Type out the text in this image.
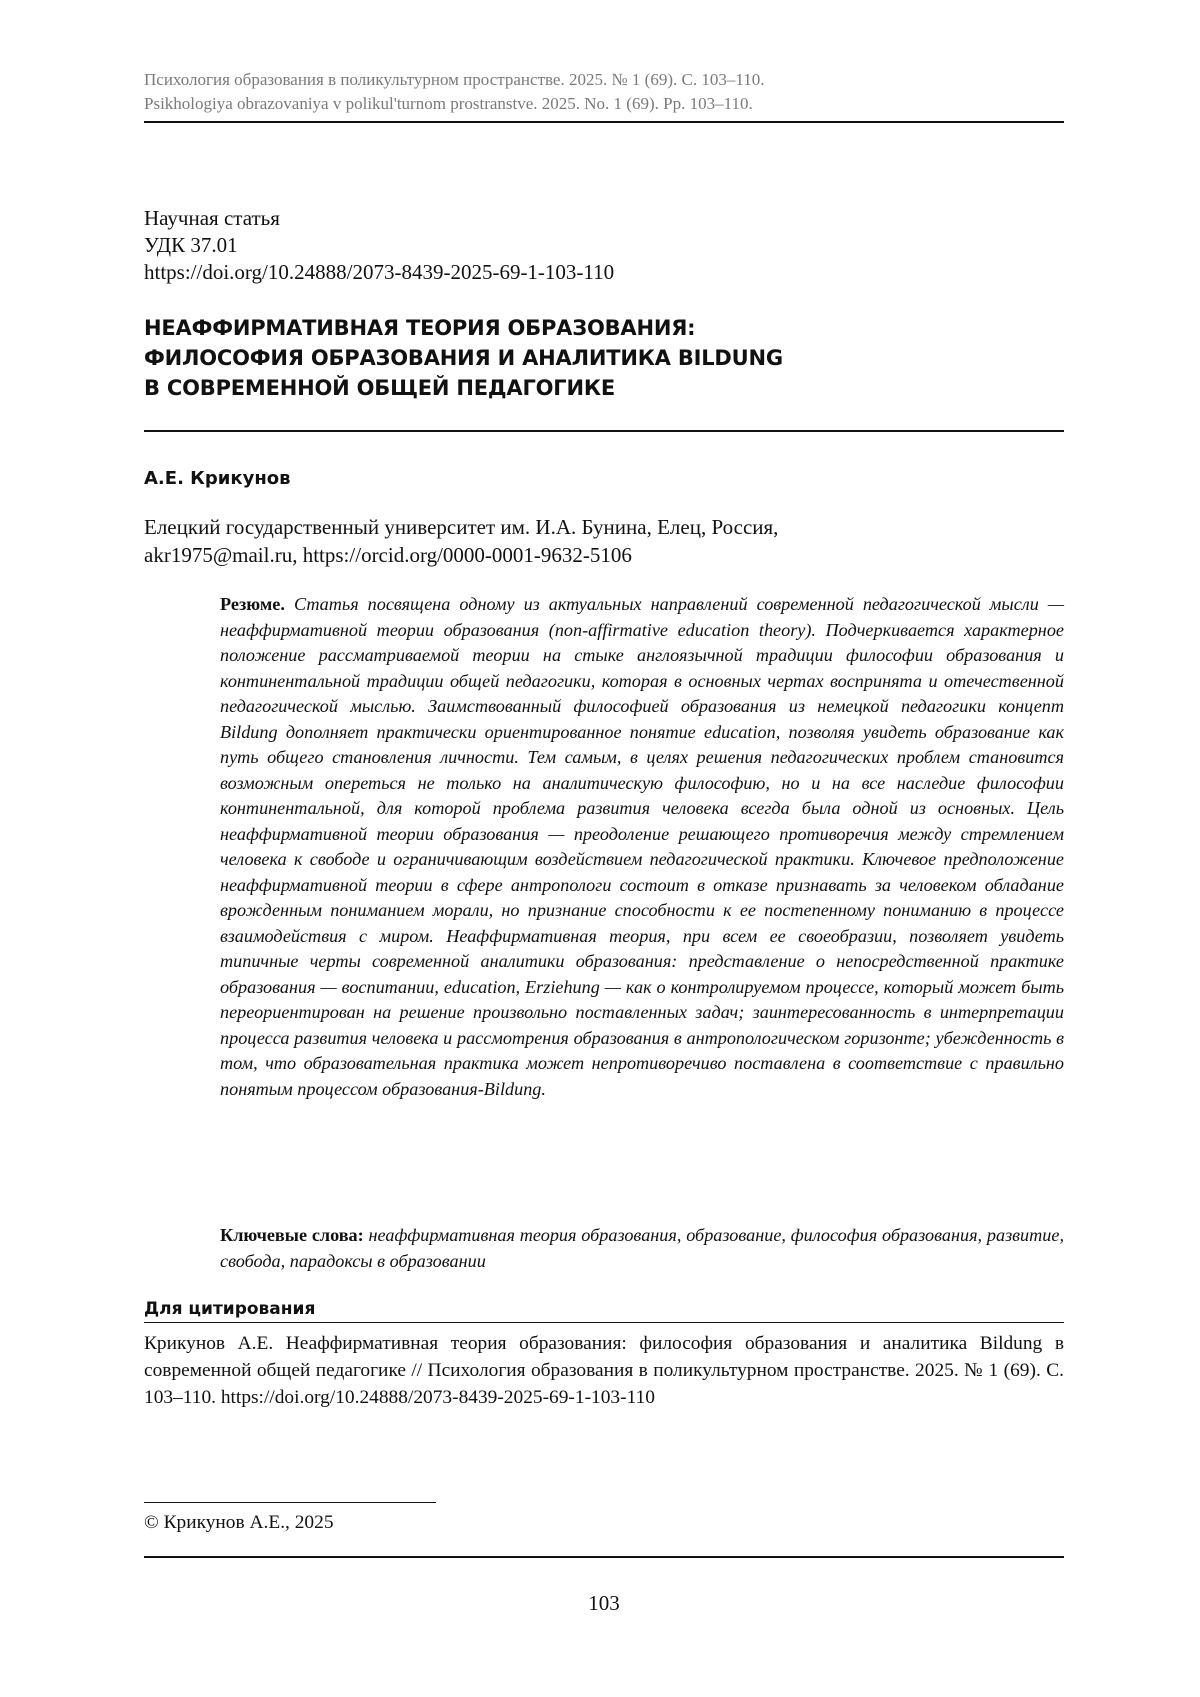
Психология образования в поликультурном пространстве. 2025. № 1 (69). С. 103–110.
Psikhologiya obrazovaniya v polikul'turnom prostranstve. 2025. No. 1 (69). Pp. 103–110.
Научная статья
УДК 37.01
https://doi.org/10.24888/2073-8439-2025-69-1-103-110
НЕАФФИРМАТИВНАЯ ТЕОРИЯ ОБРАЗОВАНИЯ:
ФИЛОСОФИЯ ОБРАЗОВАНИЯ И АНАЛИТИКА BILDUNG
В СОВРЕМЕННОЙ ОБЩЕЙ ПЕДАГОГИКЕ
А.Е. Крикунов
Елецкий государственный университет им. И.А. Бунина, Елец, Россия,
akr1975@mail.ru, https://orcid.org/0000-0001-9632-5106
Резюме. Статья посвящена одному из актуальных направлений современной педагоги­ческой мысли — неаффирмативной теории образования (non-affirmative education theory). Подчеркивается характерное положение рассматриваемой теории на стыке англоязычной традиции философии образования и континентальной традиции общей педагогики, которая в основных чертах воспринята и отечественной педагогической мыслью. Заимствованный философией образования из немецкой педагогики концепт Bildung дополняет практически ориентированное понятие education, позволяя увидеть образование как путь общего становления личности. Тем самым, в целях решения педа­гогических проблем становится возможным опереться не только на аналитическую философию, но и на все наследие философии континентальной, для которой проблема развития человека всегда была одной из основных. Цель неаффирмативной теории об­разования — преодоление решающего противоречия между стремлением человека к свободе и ограничивающим воздействием педагогической практики. Ключевое предпо­ложение неаффирмативной теории в сфере антропологи состоит в отказе призна­вать за человеком обладание врожденным пониманием морали, но признание способно­сти к ее постепенному пониманию в процессе взаимодействия с миром. Неаффирма­тивная теория, при всем ее своеобразии, позволяет увидеть типичные черты со­временной аналитики образования: представление о непосредственной практике образования — воспитании, education, Erziehung — как о контролируемом процессе, ко­торый может быть переориентирован на решение произвольно поставленных задач; заинтересованность в интерпретации процесса развития человека и рассмотрения об­разования в антропологическом горизонте; убежденность в том, что образовательная практика может непротиворечиво поставлена в соответствие с правильно понятым процессом образования-Bildung.
Ключевые слова: неаффирмативная теория образования, образование, философия образования, развитие, свобода, парадоксы в образовании
Для цитирования
Крикунов А.Е. Неаффирмативная теория образования: философия образования и аналитика Bildung в современной общей педагогике // Психология образования в поликультурном про­странстве. 2025. № 1 (69). С. 103–110. https://doi.org/10.24888/2073-8439-2025-69-1-103-110
© Крикунов А.Е., 2025
103
